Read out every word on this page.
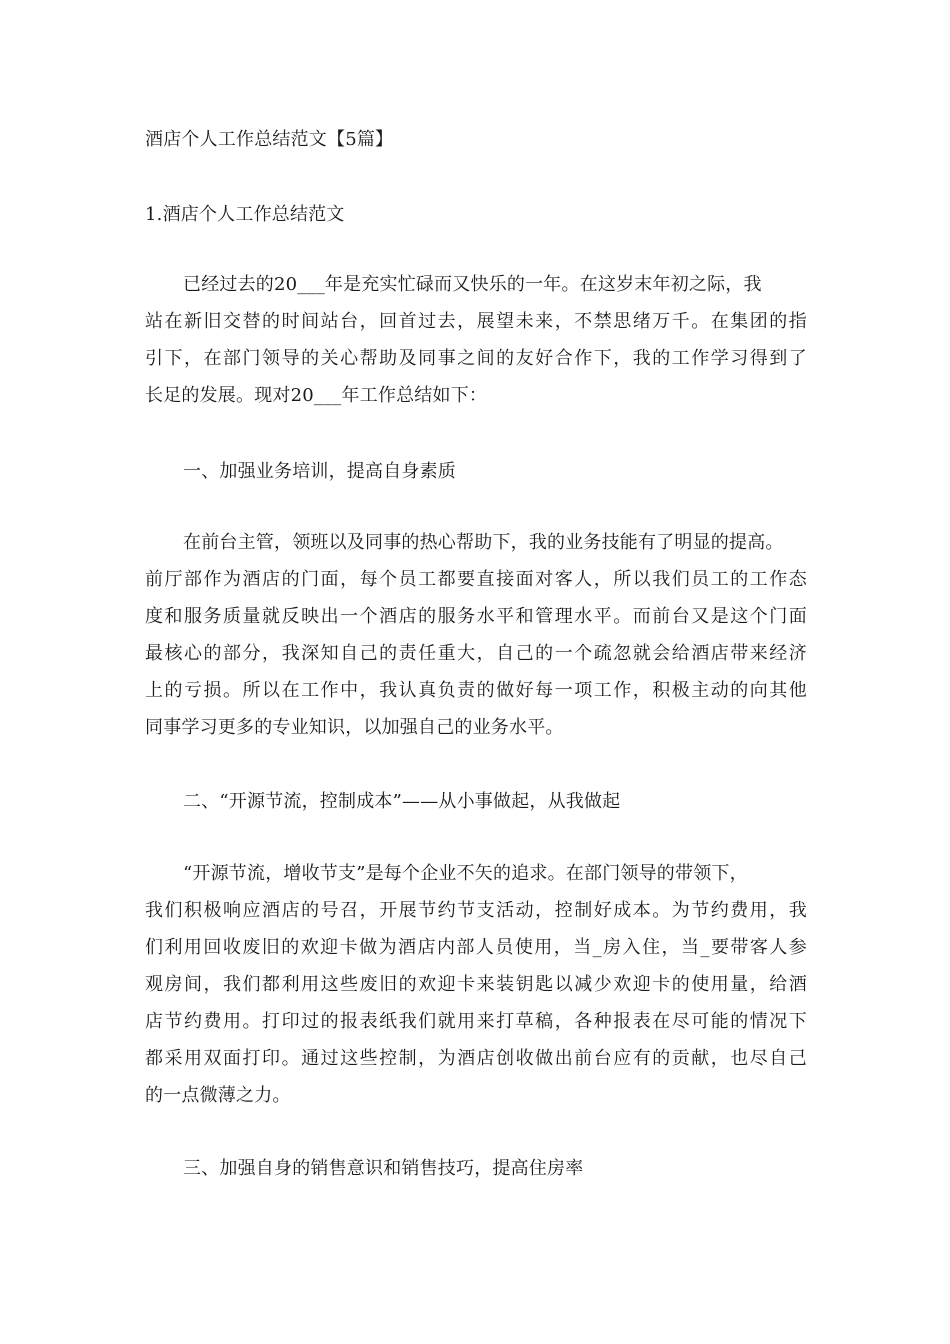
酒店个人工作总结范文【5篇】
1.酒店个人工作总结范文
已经过去的20___年是充实忙碌而又快乐的一年。在这岁末年初之际，我
站在新旧交替的时间站台，回首过去，展望未来，不禁思绪万千。在集团的指
引下，在部门领导的关心帮助及同事之间的友好合作下，我的工作学习得到了
长足的发展。现对20___年工作总结如下：
一、加强业务培训，提高自身素质
在前台主管，领班以及同事的热心帮助下，我的业务技能有了明显的提高。
前厅部作为酒店的门面，每个员工都要直接面对客人，所以我们员工的工作态
度和服务质量就反映出一个酒店的服务水平和管理水平。而前台又是这个门面
最核心的部分，我深知自己的责任重大，自己的一个疏忽就会给酒店带来经济
上的亏损。所以在工作中，我认真负责的做好每一项工作，积极主动的向其他
同事学习更多的专业知识，以加强自己的业务水平。
二、“开源节流，控制成本”——从小事做起，从我做起
“开源节流，增收节支”是每个企业不矢的追求。在部门领导的带领下，
我们积极响应酒店的号召，开展节约节支活动，控制好成本。为节约费用，我
们利用回收废旧的欢迎卡做为酒店内部人员使用，当_房入住，当_要带客人参
观房间，我们都利用这些废旧的欢迎卡来装钥匙以减少欢迎卡的使用量，给酒
店节约费用。打印过的报表纸我们就用来打草稿，各种报表在尽可能的情况下
都采用双面打印。通过这些控制，为酒店创收做出前台应有的贡献，也尽自己
的一点微薄之力。
三、加强自身的销售意识和销售技巧，提高住房率
